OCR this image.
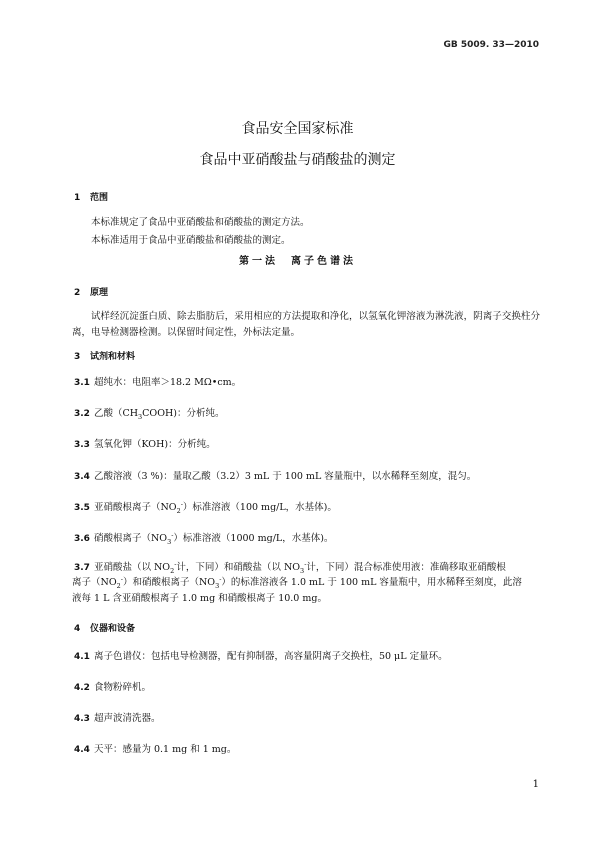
GB 5009. 33—2010
食品安全国家标准
食品中亚硝酸盐与硝酸盐的测定
1 范围
本标准规定了食品中亚硝酸盐和硝酸盐的测定方法。
本标准适用于食品中亚硝酸盐和硝酸盐的测定。
第一法　离子色谱法
2 原理
试样经沉淀蛋白质、除去脂肪后，采用相应的方法提取和净化，以氢氧化钾溶液为淋洗液，阴离子交换柱分离，电导检测器检测。以保留时间定性，外标法定量。
3 试剂和材料
3.1 超纯水：电阻率＞18.2 MΩ•cm。
3.2 乙酸$(CH_3COOH)$：分析纯。
3.3 氢氧化钾（KOH)：分析纯。
3.4 乙酸溶液（3 %)：量取乙酸（3.2）3 mL 于 100 mL 容量瓶中，以水稀释至刻度，混匀。
3.5 亚硝酸根离子$(NO_2^-)$标准溶液（100 mg/L，水基体)。
3.6 硝酸根离子$(NO_3^-)$标准溶液（1000 mg/L，水基体)。
3.7 亚硝酸盐（以 $NO_2^-$计，下同）和硝酸盐（以 $NO_3^-$计，下同）混合标准使用液：准确移取亚硝酸根
离子$(NO_2^-)$和硝酸根离子$(NO_3^-)$的标准溶液各 1.0 mL 于 100 mL 容量瓶中，用水稀释至刻度，此溶
液每 1 L 含亚硝酸根离子 1.0 mg 和硝酸根离子 10.0 mg。
4 仪器和设备
4.1 离子色谱仪：包括电导检测器，配有抑制器，高容量阴离子交换柱，50 μL 定量环。
4.2 食物粉碎机。
4.3 超声波清洗器。
4.4 天平：感量为 0.1 mg 和 1 mg。
1
